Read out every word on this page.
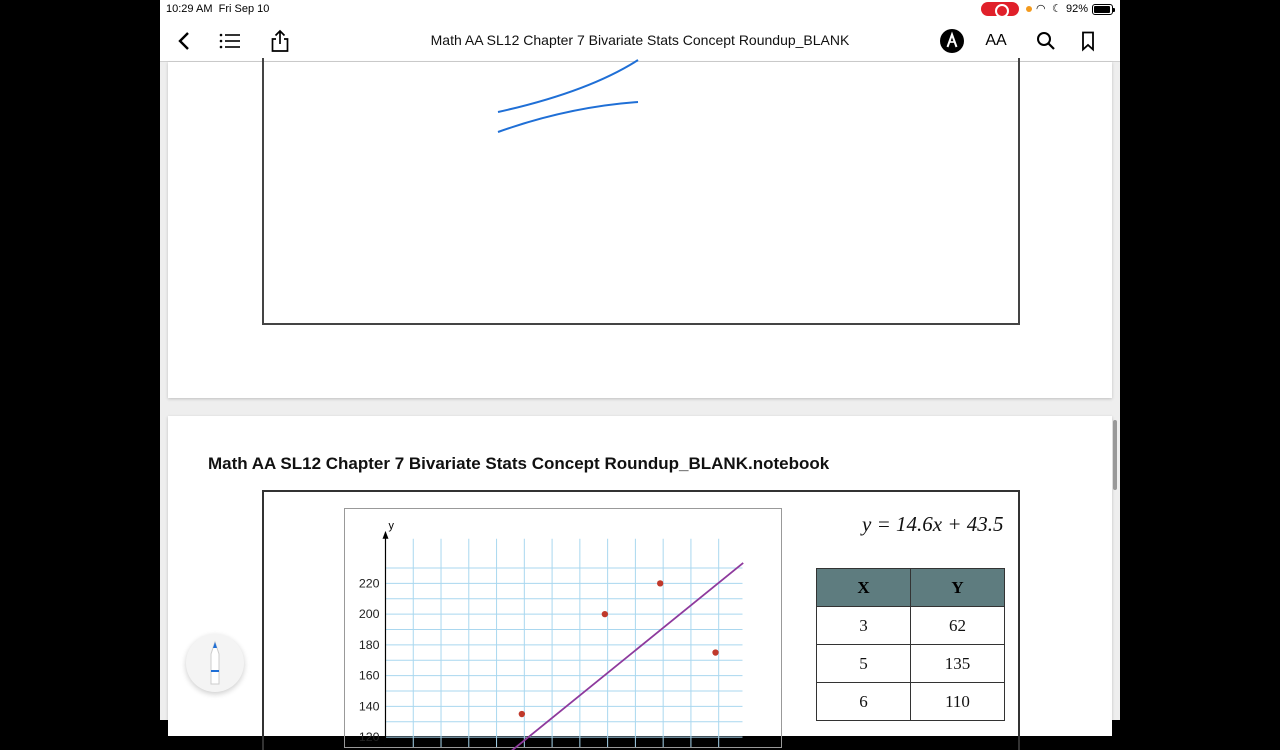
10:29 AM Fri Sep 10	◠ ☾ 92%
Math AA SL12 Chapter 7 Bivariate Stats Concept Roundup_BLANK	AA
m = 14.6 thousand km
year
*The odometer reading increases at a rate
of 14.6 thousand km per year.
*y-int is 43.5 thousand km (when x=0)
A "zero year old" vehicle will have
an odometer reading of 43.5 thousand km.
Math AA SL12 Chapter 7 Bivariate Stats Concept Roundup_BLANK.notebook
y
220
200
180
160
140
120
y = 14.6x + 43.5
X	Y
3	62
5	135
6	110
